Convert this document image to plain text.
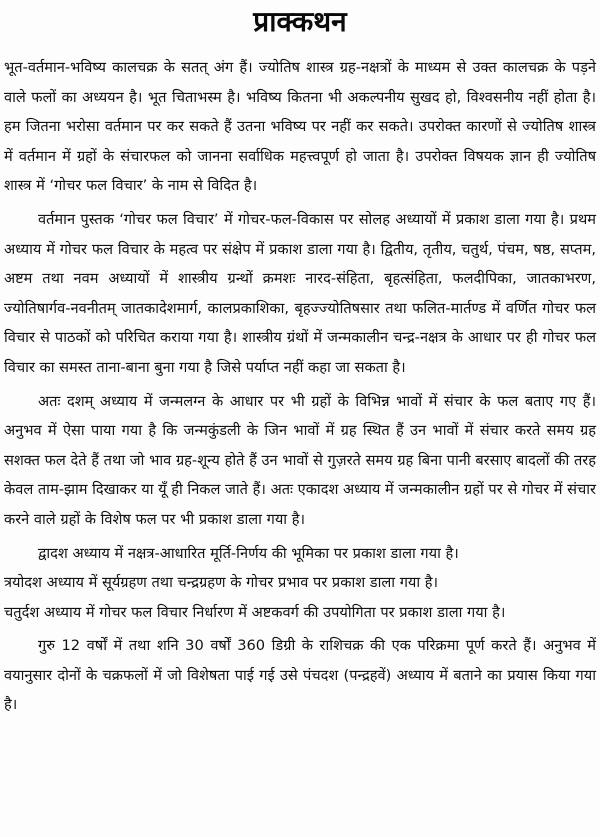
प्राक्कथन

भूत-वर्तमान-भविष्य कालचक्र के सतत् अंग हैं। ज्योतिष शास्त्र ग्रह-नक्षत्रों के माध्यम से उक्त कालचक्र के पड़ने वाले फलों का अध्ययन है। भूत चिताभस्म है। भविष्य कितना भी अकल्पनीय सुखद हो, विश्वसनीय नहीं होता है। हम जितना भरोसा वर्तमान पर कर सकते हैं उतना भविष्य पर नहीं कर सकते। उपरोक्त कारणों से ज्योतिष शास्त्र में वर्तमान में ग्रहों के संचारफल को जानना सर्वाधिक महत्त्वपूर्ण हो जाता है। उपरोक्त विषयक ज्ञान ही ज्योतिष शास्त्र में ‘गोचर फल विचार’ के नाम से विदित है।

वर्तमान पुस्तक ‘गोचर फल विचार’ में गोचर-फल-विकास पर सोलह अध्यायों में प्रकाश डाला गया है। प्रथम अध्याय में गोचर फल विचार के महत्व पर संक्षेप में प्रकाश डाला गया है। द्वितीय, तृतीय, चतुर्थ, पंचम, षष्ठ, सप्तम, अष्टम तथा नवम अध्यायों में शास्त्रीय ग्रन्थों क्रमशः नारद-संहिता, बृहत्संहिता, फलदीपिका, जातकाभरण, ज्योतिषार्गव-नवनीतम् जातकादेशमार्ग, कालप्रकाशिका, बृहज्ज्योतिषसार तथा फलित-मार्तण्ड में वर्णित गोचर फल विचार से पाठकों को परिचित कराया गया है। शास्त्रीय ग्रंथों में जन्मकालीन चन्द्र-नक्षत्र के आधार पर ही गोचर फल विचार का समस्त ताना-बाना बुना गया है जिसे पर्याप्त नहीं कहा जा सकता है।

अतः दशम् अध्याय में जन्मलग्न के आधार पर भी ग्रहों के विभिन्न भावों में संचार के फल बताए गए हैं। अनुभव में ऐसा पाया गया है कि जन्मकुंडली के जिन भावों में ग्रह स्थित हैं उन भावों में संचार करते समय ग्रह सशक्त फल देते हैं तथा जो भाव ग्रह-शून्य होते हैं उन भावों से गुज़रते समय ग्रह बिना पानी बरसाए बादलों की तरह केवल ताम-झाम दिखाकर या यूँ ही निकल जाते हैं। अतः एकादश अध्याय में जन्मकालीन ग्रहों पर से गोचर में संचार करने वाले ग्रहों के विशेष फल पर भी प्रकाश डाला गया है।

द्वादश अध्याय में नक्षत्र-आधारित मूर्ति-निर्णय की भूमिका पर प्रकाश डाला गया है।

त्रयोदश अध्याय में सूर्यग्रहण तथा चन्द्रग्रहण के गोचर प्रभाव पर प्रकाश डाला गया है।

चतुर्दश अध्याय में गोचर फल विचार निर्धारण में अष्टकवर्ग की उपयोगिता पर प्रकाश डाला गया है।

गुरु 12 वर्षों में तथा शनि 30 वर्षों 360 डिग्री के राशिचक्र की एक परिक्रमा पूर्ण करते हैं। अनुभव में वयानुसार दोनों के चक्रफलों में जो विशेषता पाई गई उसे पंचदश (पन्द्रहवें) अध्याय में बताने का प्रयास किया गया है।
